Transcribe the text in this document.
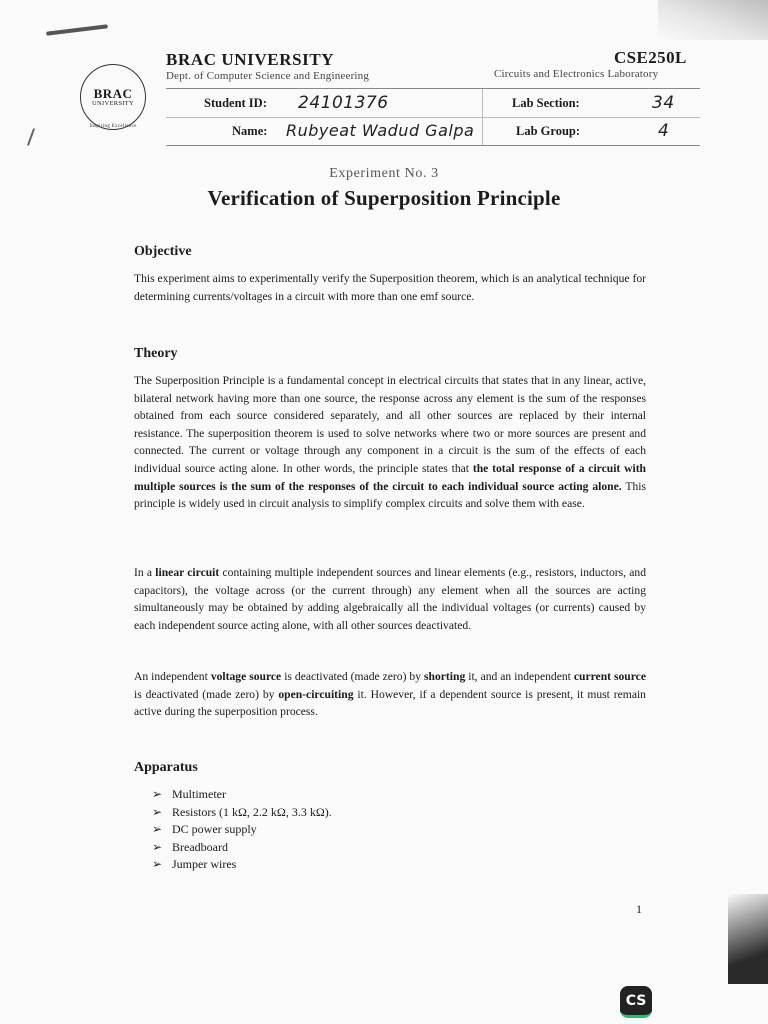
BRAC
UNIVERSITY
Inspiring Excellence
BRAC UNIVERSITY
Dept. of Computer Science and Engineering
CSE250L
Circuits and Electronics Laboratory
Student ID: 24101376	Lab Section:	34
Name: Rubyeat Wadud Galpa	Lab Group:	4
Experiment No. 3
Verification of Superposition Principle
Objective
This experiment aims to experimentally verify the Superposition theorem, which is an analytical technique for determining currents/voltages in a circuit with more than one emf source.
Theory
The Superposition Principle is a fundamental concept in electrical circuits that states that in any linear, active, bilateral network having more than one source, the response across any element is the sum of the responses obtained from each source considered separately, and all other sources are replaced by their internal resistance. The superposition theorem is used to solve networks where two or more sources are present and connected. The current or voltage through any component in a circuit is the sum of the effects of each individual source acting alone. In other words, the principle states that the total response of a circuit with multiple sources is the sum of the responses of the circuit to each individual source acting alone. This principle is widely used in circuit analysis to simplify complex circuits and solve them with ease.
In a linear circuit containing multiple independent sources and linear elements (e.g., resistors, inductors, and capacitors), the voltage across (or the current through) any element when all the sources are acting simultaneously may be obtained by adding algebraically all the individual voltages (or currents) caused by each independent source acting alone, with all other sources deactivated.
An independent voltage source is deactivated (made zero) by shorting it, and an independent current source is deactivated (made zero) by open-circuiting it. However, if a dependent source is present, it must remain active during the superposition process.
Apparatus
➢ Multimeter
➢ Resistors (1 kΩ, 2.2 kΩ, 3.3 kΩ).
➢ DC power supply
➢ Breadboard
➢ Jumper wires
1
CS
